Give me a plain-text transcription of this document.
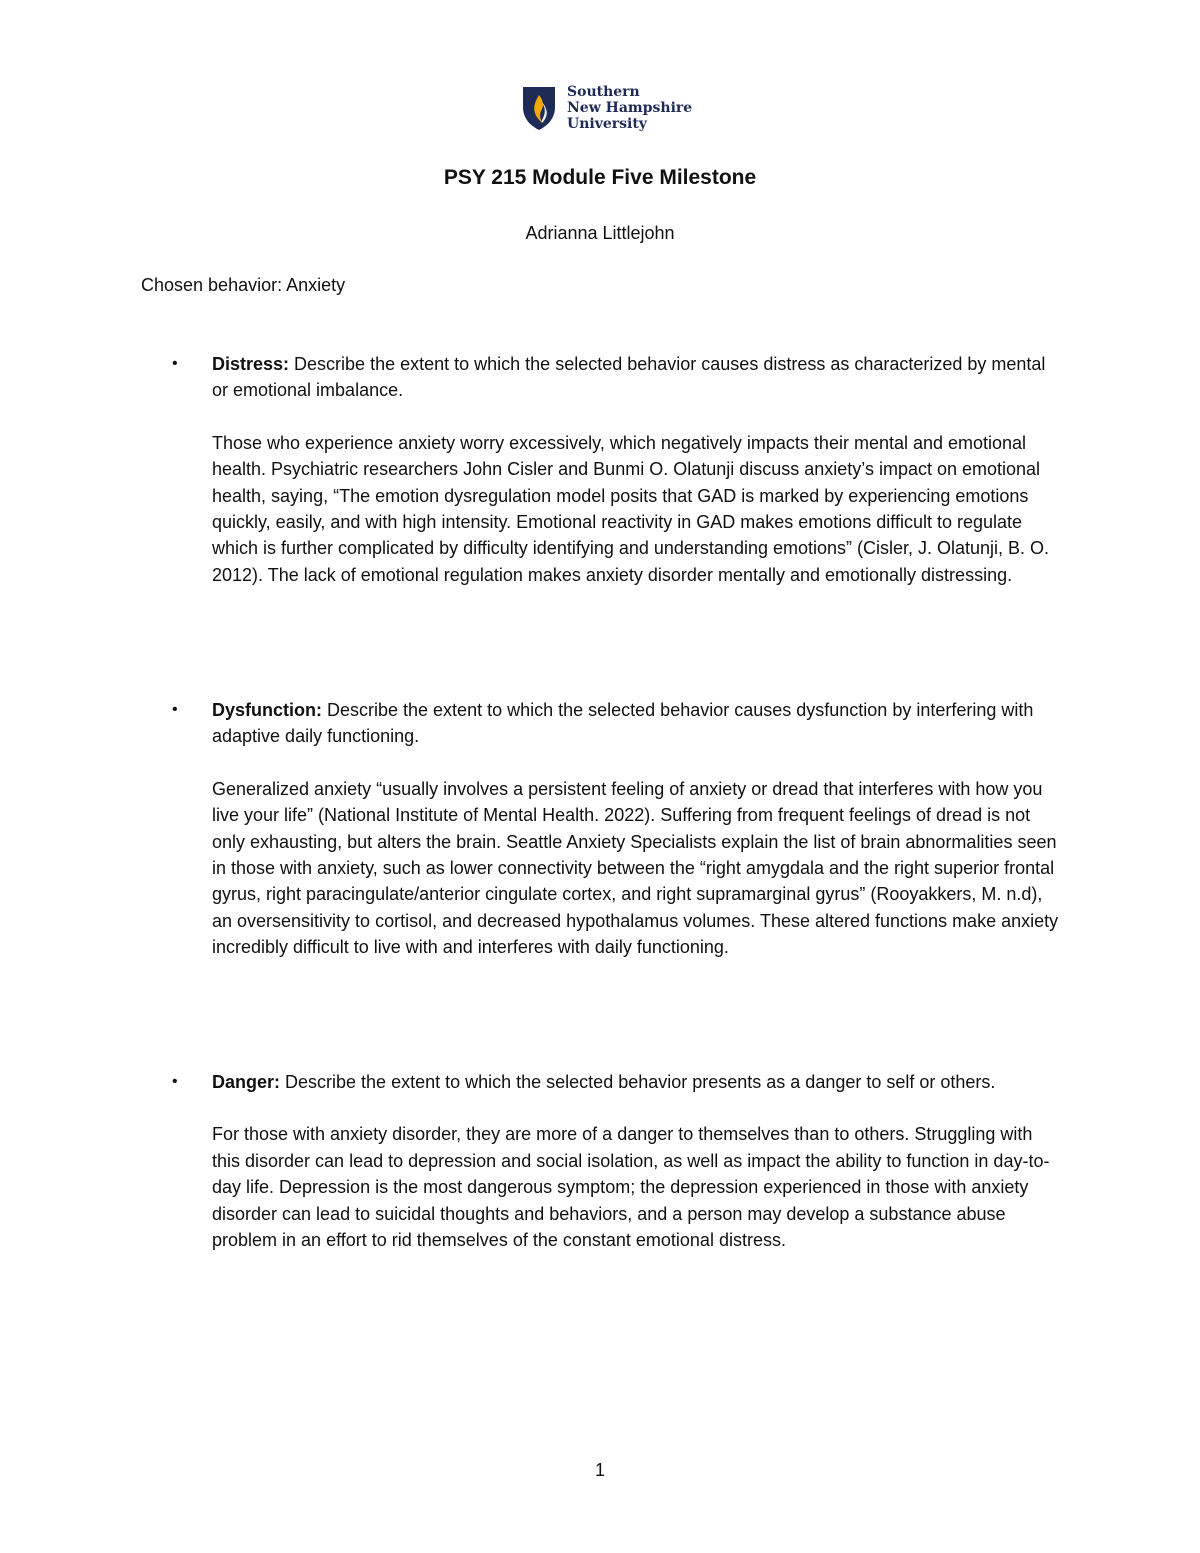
Southern
New Hampshire
University
PSY 215 Module Five Milestone
Adrianna Littlejohn
Chosen behavior: Anxiety
• Distress: Describe the extent to which the selected behavior causes distress as characterized by mental or emotional imbalance.

Those who experience anxiety worry excessively, which negatively impacts their mental and emotional health. Psychiatric researchers John Cisler and Bunmi O. Olatunji discuss anxiety’s impact on emotional health, saying, “The emotion dysregulation model posits that GAD is marked by experiencing emotions quickly, easily, and with high intensity. Emotional reactivity in GAD makes emotions difficult to regulate which is further complicated by difficulty identifying and understanding emotions” (Cisler, J. Olatunji, B. O. 2012). The lack of emotional regulation makes anxiety disorder mentally and emotionally distressing.

• Dysfunction: Describe the extent to which the selected behavior causes dysfunction by interfering with adaptive daily functioning.

Generalized anxiety “usually involves a persistent feeling of anxiety or dread that interferes with how you live your life” (National Institute of Mental Health. 2022). Suffering from frequent feelings of dread is not only exhausting, but alters the brain. Seattle Anxiety Specialists explain the list of brain abnormalities seen in those with anxiety, such as lower connectivity between the “right amygdala and the right superior frontal gyrus, right paracingulate/anterior cingulate cortex, and right supramarginal gyrus” (Rooyakkers, M. n.d), an oversensitivity to cortisol, and decreased hypothalamus volumes. These altered functions make anxiety incredibly difficult to live with and interferes with daily functioning.

• Danger: Describe the extent to which the selected behavior presents as a danger to self or others.

For those with anxiety disorder, they are more of a danger to themselves than to others. Struggling with this disorder can lead to depression and social isolation, as well as impact the ability to function in day-to-day life. Depression is the most dangerous symptom; the depression experienced in those with anxiety disorder can lead to suicidal thoughts and behaviors, and a person may develop a substance abuse problem in an effort to rid themselves of the constant emotional distress.

1
